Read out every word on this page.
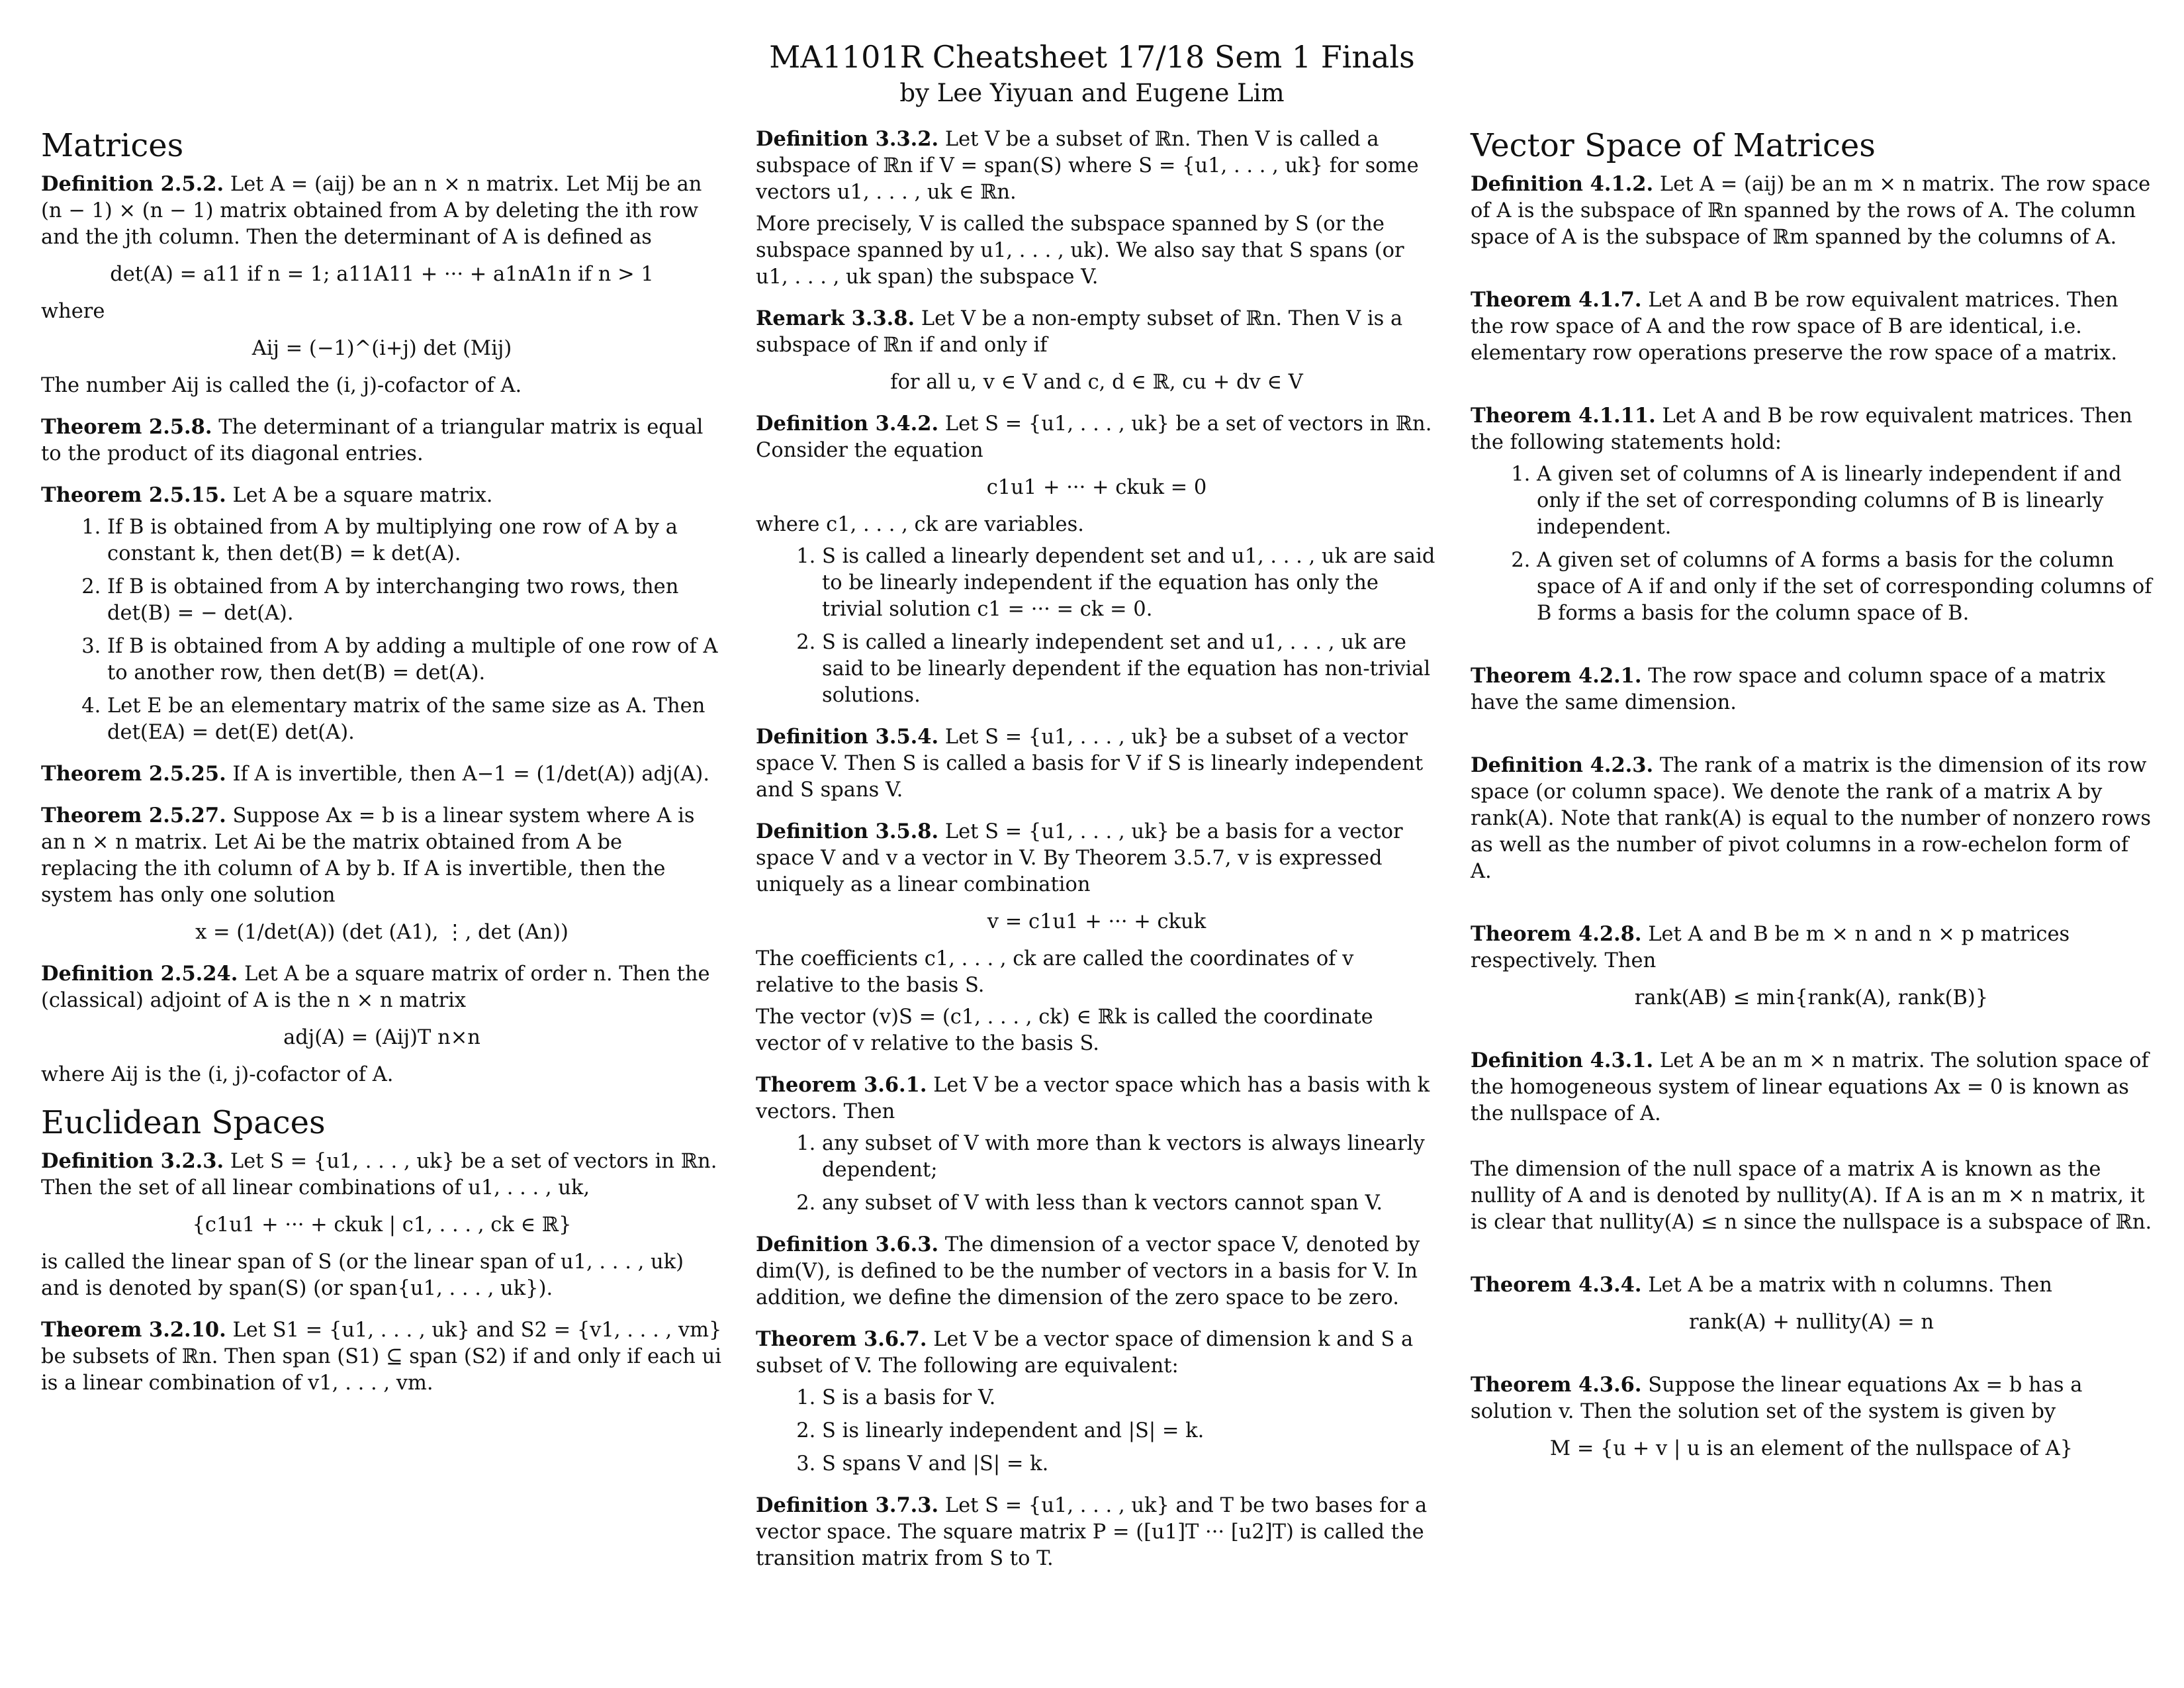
MA1101R Cheatsheet 17/18 Sem 1 Finals
by Lee Yiyuan and Eugene Lim
Matrices

Definition 2.5.2. Let A = (aij) be an n × n matrix. Let Mij be an (n − 1) × (n − 1) matrix obtained from A by deleting the ith row and the jth column. Then the determinant of A is defined as

det(A) = a11 if n = 1; a11A11 + ··· + a1nA1n if n > 1

where

Aij = (−1)^(i+j) det (Mij)

The number Aij is called the (i, j)-cofactor of A.

Theorem 2.5.8. The determinant of a triangular matrix is equal to the product of its diagonal entries.

Theorem 2.5.15. Let A be a square matrix.

1. If B is obtained from A by multiplying one row of A by a constant k, then det(B) = k det(A).
2. If B is obtained from A by interchanging two rows, then det(B) = − det(A).
3. If B is obtained from A by adding a multiple of one row of A to another row, then det(B) = det(A).
4. Let E be an elementary matrix of the same size as A. Then det(EA) = det(E) det(A).

Theorem 2.5.25. If A is invertible, then A−1 = (1/det(A)) adj(A).

Theorem 2.5.27. Suppose Ax = b is a linear system where A is an n × n matrix. Let Ai be the matrix obtained from A be replacing the ith column of A by b. If A is invertible, then the system has only one solution

x = (1/det(A)) (det (A1), ⋮, det (An))

Definition 2.5.24. Let A be a square matrix of order n. Then the (classical) adjoint of A is the n × n matrix

adj(A) = (Aij)T n×n

where Aij is the (i, j)-cofactor of A.

Euclidean Spaces

Definition 3.2.3. Let S = {u1, . . . , uk} be a set of vectors in ℝn. Then the set of all linear combinations of u1, . . . , uk,

{c1u1 + ··· + ckuk | c1, . . . , ck ∈ ℝ}

is called the linear span of S (or the linear span of u1, . . . , uk) and is denoted by span(S) (or span{u1, . . . , uk}).

Theorem 3.2.10. Let S1 = {u1, . . . , uk} and S2 = {v1, . . . , vm} be subsets of ℝn. Then span (S1) ⊆ span (S2) if and only if each ui is a linear combination of v1, . . . , vm.

Definition 3.3.2. Let V be a subset of ℝn. Then V is called a subspace of ℝn if V = span(S) where S = {u1, . . . , uk} for some vectors u1, . . . , uk ∈ ℝn.

More precisely, V is called the subspace spanned by S (or the subspace spanned by u1, . . . , uk). We also say that S spans (or u1, . . . , uk span) the subspace V.

Remark 3.3.8. Let V be a non-empty subset of ℝn. Then V is a subspace of ℝn if and only if

for all u, v ∈ V and c, d ∈ ℝ, cu + dv ∈ V

Definition 3.4.2. Let S = {u1, . . . , uk} be a set of vectors in ℝn. Consider the equation

c1u1 + ··· + ckuk = 0

where c1, . . . , ck are variables.

1. S is called a linearly dependent set and u1, . . . , uk are said to be linearly independent if the equation has only the trivial solution c1 = ··· = ck = 0.
2. S is called a linearly independent set and u1, . . . , uk are said to be linearly dependent if the equation has non-trivial solutions.

Definition 3.5.4. Let S = {u1, . . . , uk} be a subset of a vector space V. Then S is called a basis for V if S is linearly independent and S spans V.

Definition 3.5.8. Let S = {u1, . . . , uk} be a basis for a vector space V and v a vector in V. By Theorem 3.5.7, v is expressed uniquely as a linear combination

v = c1u1 + ··· + ckuk

The coefficients c1, . . . , ck are called the coordinates of v relative to the basis S.

The vector (v)S = (c1, . . . , ck) ∈ ℝk is called the coordinate vector of v relative to the basis S.

Theorem 3.6.1. Let V be a vector space which has a basis with k vectors. Then

1. any subset of V with more than k vectors is always linearly dependent;
2. any subset of V with less than k vectors cannot span V.

Definition 3.6.3. The dimension of a vector space V, denoted by dim(V), is defined to be the number of vectors in a basis for V. In addition, we define the dimension of the zero space to be zero.

Theorem 3.6.7. Let V be a vector space of dimension k and S a subset of V. The following are equivalent:

1. S is a basis for V.
2. S is linearly independent and |S| = k.
3. S spans V and |S| = k.

Definition 3.7.3. Let S = {u1, . . . , uk} and T be two bases for a vector space. The square matrix P = ([u1]T ··· [u2]T) is called the transition matrix from S to T.

Vector Space of Matrices

Definition 4.1.2. Let A = (aij) be an m × n matrix. The row space of A is the subspace of ℝn spanned by the rows of A. The column space of A is the subspace of ℝm spanned by the columns of A.

Theorem 4.1.7. Let A and B be row equivalent matrices. Then the row space of A and the row space of B are identical, i.e. elementary row operations preserve the row space of a matrix.

Theorem 4.1.11. Let A and B be row equivalent matrices. Then the following statements hold:

1. A given set of columns of A is linearly independent if and only if the set of corresponding columns of B is linearly independent.
2. A given set of columns of A forms a basis for the column space of A if and only if the set of corresponding columns of B forms a basis for the column space of B.

Theorem 4.2.1. The row space and column space of a matrix have the same dimension.

Definition 4.2.3. The rank of a matrix is the dimension of its row space (or column space). We denote the rank of a matrix A by rank(A). Note that rank(A) is equal to the number of nonzero rows as well as the number of pivot columns in a row-echelon form of A.

Theorem 4.2.8. Let A and B be m × n and n × p matrices respectively. Then

rank(AB) ≤ min{rank(A), rank(B)}

Definition 4.3.1. Let A be an m × n matrix. The solution space of the homogeneous system of linear equations Ax = 0 is known as the nullspace of A.

The dimension of the null space of a matrix A is known as the nullity of A and is denoted by nullity(A). If A is an m × n matrix, it is clear that nullity(A) ≤ n since the nullspace is a subspace of ℝn.

Theorem 4.3.4. Let A be a matrix with n columns. Then

rank(A) + nullity(A) = n

Theorem 4.3.6. Suppose the linear equations Ax = b has a solution v. Then the solution set of the system is given by

M = {u + v | u is an element of the nullspace of A}
